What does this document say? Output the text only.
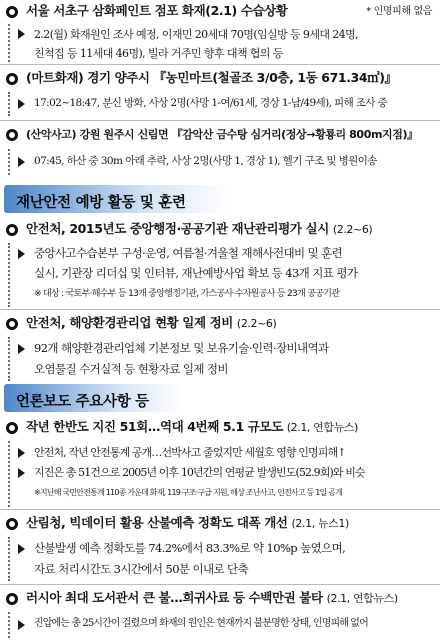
서울 서초구 삼화페인트 점포 화재(2.1) 수습상황	* 인명피해 없음
2.2(월) 화재원인 조사 예정, 이재민 20세대 70명(임실방 등 9세대 24명,
친척집 등 11세대 46명), 빌라 거주민 향후 대책 협의 등
(마트화재) 경기 양주시 『농민마트(철골조 3/0층, 1동 671.34㎡)』
17:02~18:47, 분신 방화, 사상 2명(사망 1-여/61세, 경상 1-남/49세), 피해 조사 중
(산악사고) 강원 원주시 신림면 『감악산 금수탕 심거리(정상→황룡리 800m지점)』
07:45, 하산 중 30m 아래 추락, 사상 2명(사망 1, 경상 1), 헬기 구조 및 병원이송
재난안전 예방 활동 및 훈련
안전처, 2015년도 중앙행정·공공기관 재난관리평가 실시 (2.2~6)
중앙사고수습본부 구성·운영, 여름철·겨울철 재해사전대비 및 훈련
실시, 기관장 리더십 및 인터뷰, 재난예방사업 확보 등 43개 지표 평가
※ 대상 : 국토부·해수부 등 13개 중앙행정기관, 가스공사·수자원공사 등 23개 공공기관
안전처, 해양환경관리업 현황 일제 정비 (2.2~6)
92개 해양환경관리업체 기본정보 및 보유기술·인력·장비내역과
오염물질 수거실적 등 현황자료 일제 정비
언론보도 주요사항 등
작년 한반도 지진 51회…역대 4번째 5.1 규모도 (2.1, 연합뉴스)
안전처, 작년 안전통계 공개…선박사고 줄었지만 세월호 영향 인명피해↑
지진은 총 51건으로 2005년 이후 10년간의 연평균 발생빈도(52.9회)와 비슷
※지난해 국민안전통계 110종 가운데 화재, 119 구조·구급 지원, 해상 조난사고, 인전사고 등 1일 공개
산림청, 빅데이터 활용 산불예측 정확도 대폭 개선 (2.1, 뉴스1)
산불발생 예측 정확도를 74.2%에서 83.3%로 약 10%p 높였으며,
자료 처리시간도 3시간에서 50분 이내로 단축
러시아 최대 도서관서 큰 불…희귀사료 등 수백만권 불타 (2.1, 연합뉴스)
진압에는 총 25시간이 걸렸으며 화재의 원인은 현재까지 불분명한 상태, 인명피해 없어
